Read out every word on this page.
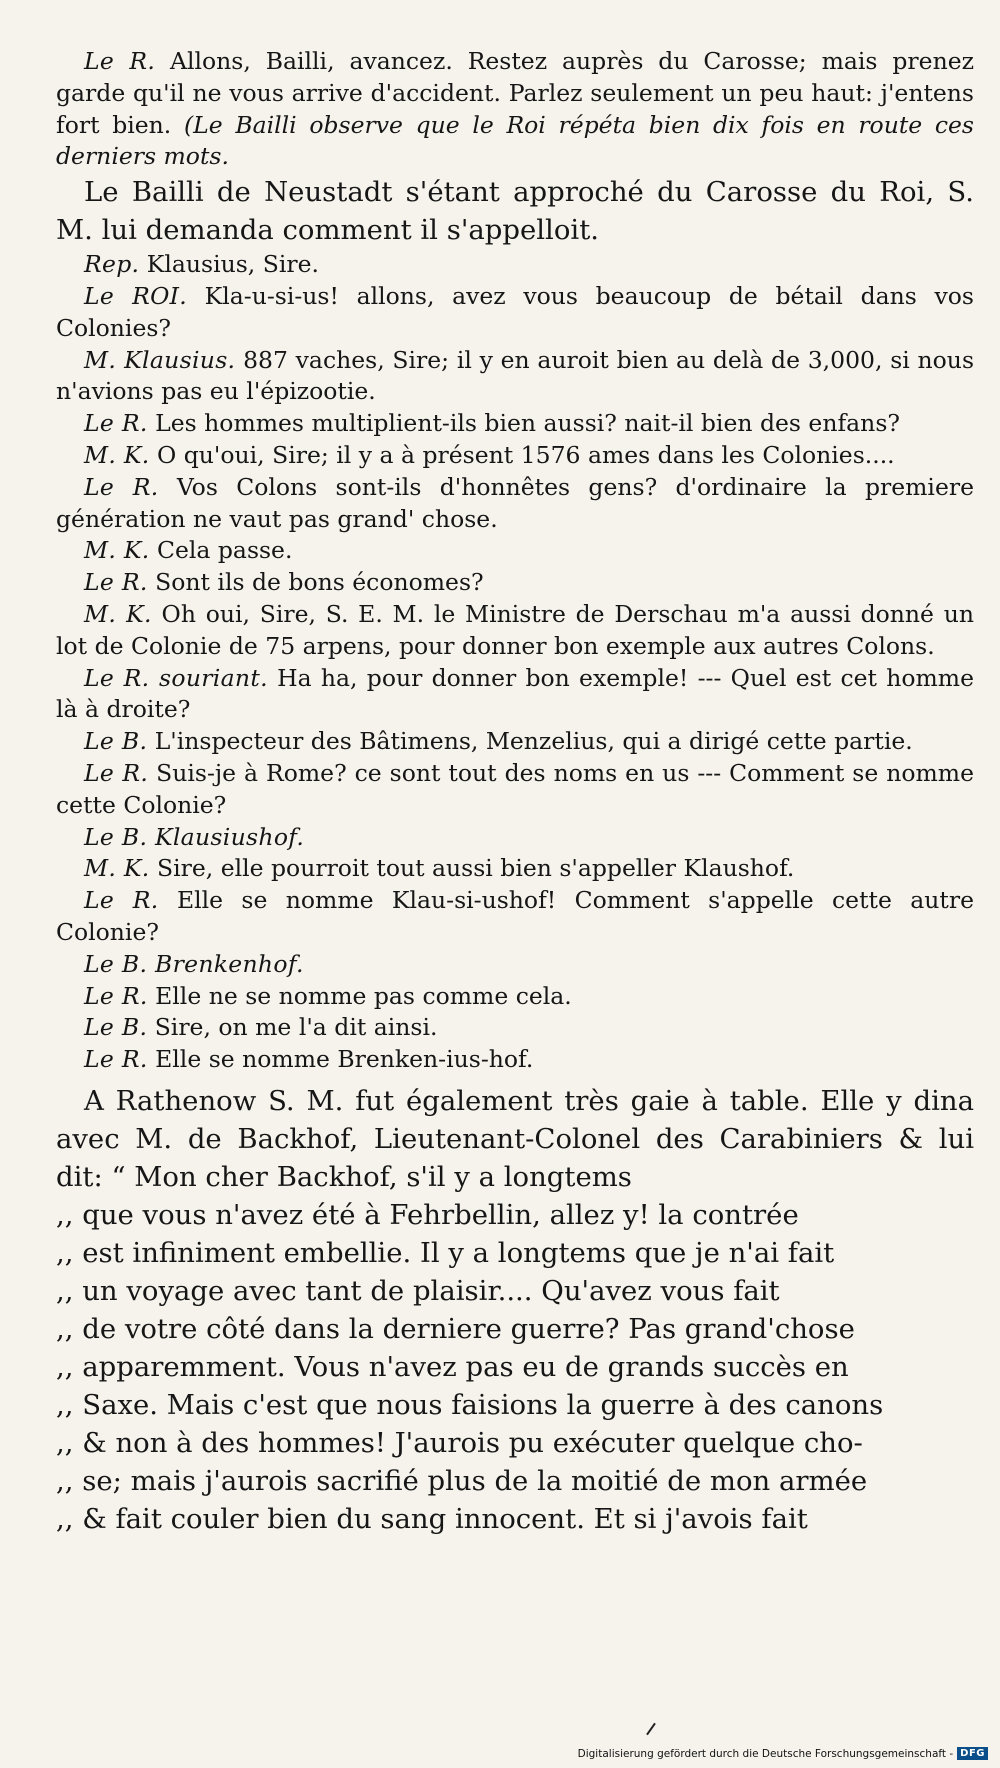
Le R. Allons, Bailli, avancez. Restez auprès du Carosse; mais prenez garde qu'il ne vous arrive d'accident. Parlez seulement un peu haut: j'entens fort bien. (Le Bailli observe que le Roi répéta bien dix fois en route ces derniers mots.

Le Bailli de Neustadt s'étant approché du Carosse du Roi, S. M. lui demanda comment il s'appelloit.

Rep. Klausius, Sire.

Le ROI. Kla-u-si-us! allons, avez vous beaucoup de bétail dans vos Colonies?

M. Klausius. 887 vaches, Sire; il y en auroit bien au delà de 3,000, si nous n'avions pas eu l'épizootie.

Le R. Les hommes multiplient-ils bien aussi? nait-il bien des enfans?

M. K. O qu'oui, Sire; il y a à présent 1576 ames dans les Colonies....

Le R. Vos Colons sont-ils d'honnêtes gens? d'ordinaire la premiere génération ne vaut pas grand' chose.

M. K. Cela passe.

Le R. Sont ils de bons économes?

M. K. Oh oui, Sire, S. E. M. le Ministre de Derschau m'a aussi donné un lot de Colonie de 75 arpens, pour donner bon exemple aux autres Colons.

Le R. souriant. Ha ha, pour donner bon exemple! --- Quel est cet homme là à droite?

Le B. L'inspecteur des Bâtimens, Menzelius, qui a dirigé cette partie.

Le R. Suis-je à Rome? ce sont tout des noms en us --- Comment se nomme cette Colonie?

Le B. Klausiushof.

M. K. Sire, elle pourroit tout aussi bien s'appeller Klaushof.

Le R. Elle se nomme Klau-si-ushof! Comment s'appelle cette autre Colonie?

Le B. Brenkenhof.

Le R. Elle ne se nomme pas comme cela.

Le B. Sire, on me l'a dit ainsi.

Le R. Elle se nomme Brenken-ius-hof.

A Rathenow S. M. fut également très gaie à table. Elle y dina avec M. de Backhof, Lieutenant-Colonel des Carabiniers & lui dit: “ Mon cher Backhof, s'il y a longtems

,, que vous n'avez été à Fehrbellin, allez y! la contrée

,, est infiniment embellie. Il y a longtems que je n'ai fait

,, un voyage avec tant de plaisir.... Qu'avez vous fait

,, de votre côté dans la derniere guerre? Pas grand'chose

,, apparemment. Vous n'avez pas eu de grands succès en

,, Saxe. Mais c'est que nous faisions la guerre à des canons

,, & non à des hommes! J'aurois pu exécuter quelque cho-

,, se; mais j'aurois sacrifié plus de la moitié de mon armée

,, & fait couler bien du sang innocent. Et si j'avois fait

Digitalisierung gefördert durch die Deutsche Forschungsgemeinschaft - DFG
